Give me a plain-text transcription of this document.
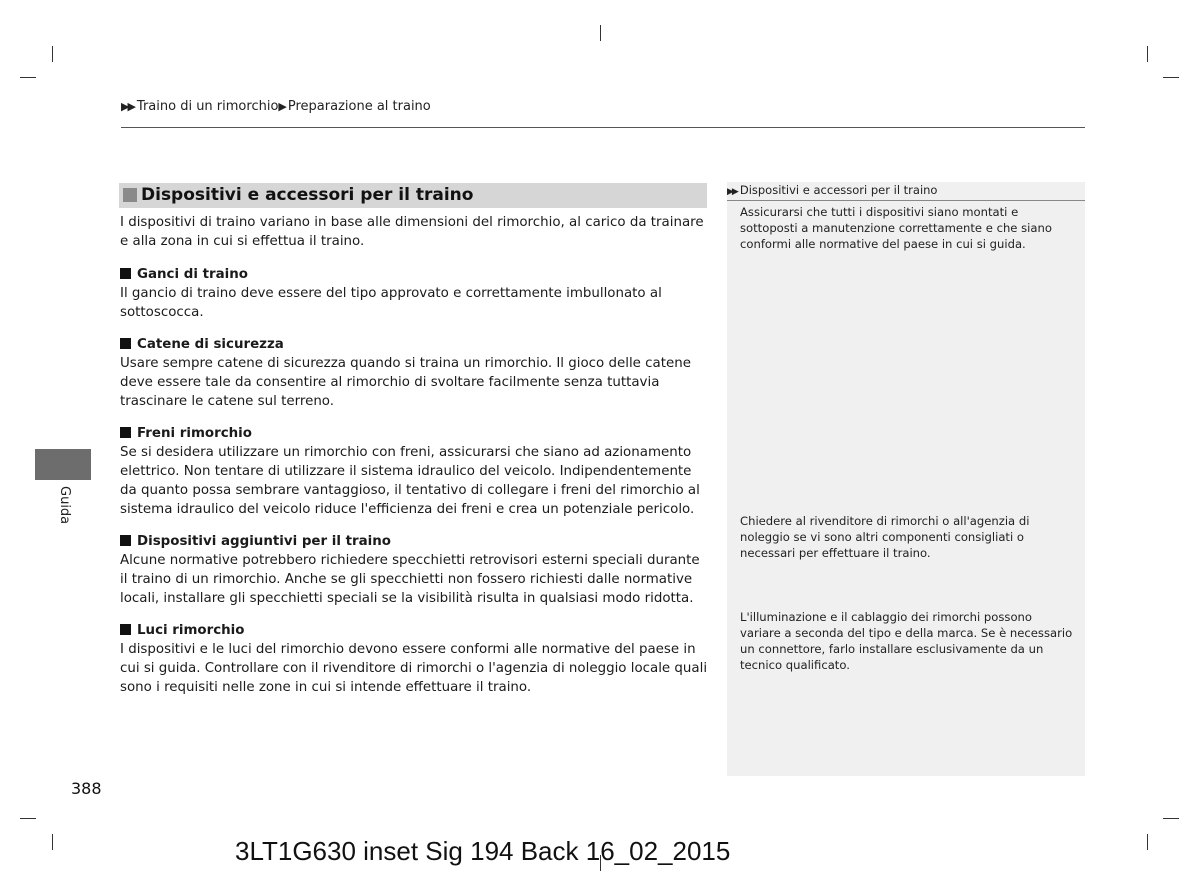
▶▶ Traino di un rimorchio▶ Preparazione al traino
Dispositivi e accessori per il traino

I dispositivi di traino variano in base alle dimensioni del rimorchio, al carico da trainare e alla zona in cui si effettua il traino.

Ganci di traino

Il gancio di traino deve essere del tipo approvato e correttamente imbullonato al sottoscocca.

Catene di sicurezza

Usare sempre catene di sicurezza quando si traina un rimorchio. Il gioco delle catene deve essere tale da consentire al rimorchio di svoltare facilmente senza tuttavia trascinare le catene sul terreno.

Freni rimorchio

Se si desidera utilizzare un rimorchio con freni, assicurarsi che siano ad azionamento elettrico. Non tentare di utilizzare il sistema idraulico del veicolo. Indipendentemente da quanto possa sembrare vantaggioso, il tentativo di collegare i freni del rimorchio al sistema idraulico del veicolo riduce l'efficienza dei freni e crea un potenziale pericolo.

Dispositivi aggiuntivi per il traino

Alcune normative potrebbero richiedere specchietti retrovisori esterni speciali durante il traino di un rimorchio. Anche se gli specchietti non fossero richiesti dalle normative locali, installare gli specchietti speciali se la visibilità risulta in qualsiasi modo ridotta.

Luci rimorchio

I dispositivi e le luci del rimorchio devono essere conformi alle normative del paese in cui si guida. Controllare con il rivenditore di rimorchi o l'agenzia di noleggio locale quali sono i requisiti nelle zone in cui si intende effettuare il traino.

▶▶ Dispositivi e accessori per il traino
Assicurarsi che tutti i dispositivi siano montati e sottoposti a manutenzione correttamente e che siano conformi alle normative del paese in cui si guida.
Chiedere al rivenditore di rimorchi o all'agenzia di noleggio se vi sono altri componenti consigliati o necessari per effettuare il traino.
L'illuminazione e il cablaggio dei rimorchi possono variare a seconda del tipo e della marca. Se è necessario un connettore, farlo installare esclusivamente da un tecnico qualificato.
Guida
388
3LT1G630 inset Sig 194 Back 16_02_2015
